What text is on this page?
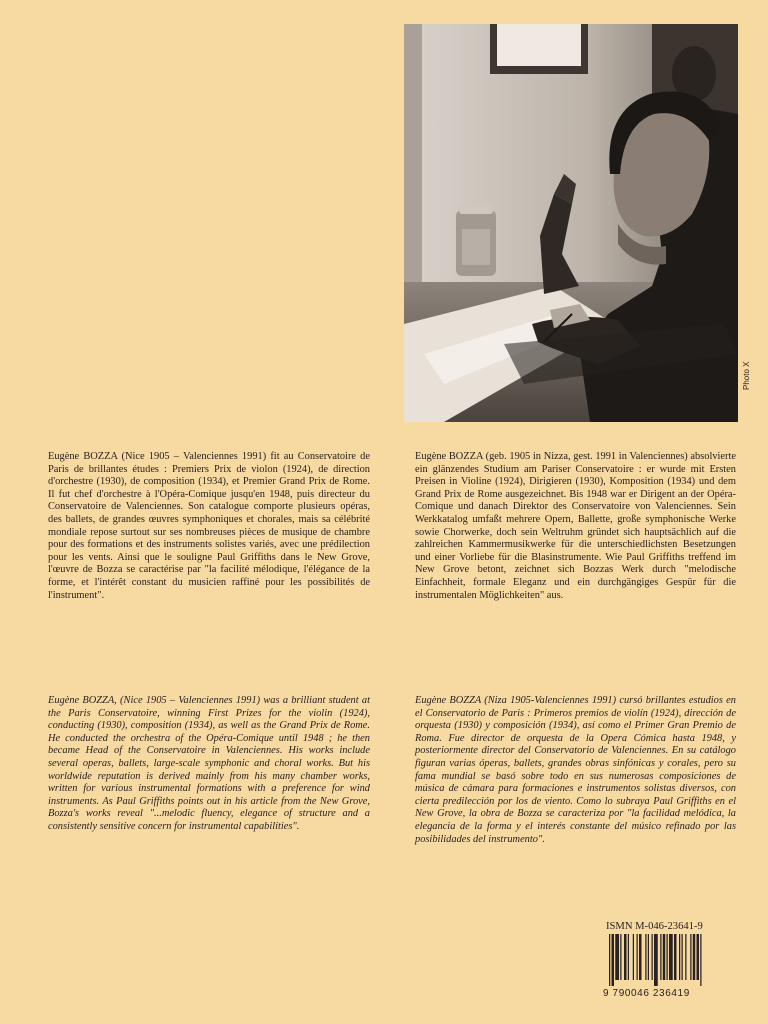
Photo X

Eugène BOZZA (Nice 1905 – Valenciennes 1991) fit au Conservatoire de Paris de brillantes études : Premiers Prix de violon (1924), de direction d'orchestre (1930), de composition (1934), et Premier Grand Prix de Rome. Il fut chef d'orchestre à l'Opéra-Comique jusqu'en 1948, puis directeur du Conservatoire de Valenciennes. Son catalogue comporte plusieurs opéras, des ballets, de grandes œuvres symphoniques et chorales, mais sa célébrité mondiale repose surtout sur ses nombreuses pièces de musique de chambre pour des formations et des instruments solistes variés, avec une prédilection pour les vents. Ainsi que le souligne Paul Griffiths dans le New Grove, l'œuvre de Bozza se caractérise par "la facilité mélodique, l'élégance de la forme, et l'intérêt constant du musicien raffiné pour les possibilités de l'instrument".

Eugène BOZZA (geb. 1905 in Nizza, gest. 1991 in Valenciennes) absolvierte ein glänzendes Studium am Pariser Conservatoire : er wurde mit Ersten Preisen in Violine (1924), Dirigieren (1930), Komposition (1934) und dem Grand Prix de Rome ausgezeichnet. Bis 1948 war er Dirigent an der Opéra-Comique und danach Direktor des Conservatoire von Valenciennes. Sein Werkkatalog umfaßt mehrere Opern, Ballette, große symphonische Werke sowie Chorwerke, doch sein Weltruhm gründet sich hauptsächlich auf die zahlreichen Kammermusikwerke für die unterschiedlichsten Besetzungen und einer Vorliebe für die Blasinstrumente. Wie Paul Griffiths treffend im New Grove betont, zeichnet sich Bozzas Werk durch "melodische Einfachheit, formale Eleganz und ein durchgängiges Gespür für die instrumentalen Möglichkeiten" aus.

Eugène BOZZA, (Nice 1905 – Valenciennes 1991) was a brilliant student at the Paris Conservatoire, winning First Prizes for the violin (1924), conducting (1930), composition (1934), as well as the Grand Prix de Rome. He conducted the orchestra of the Opéra-Comique until 1948 ; he then became Head of the Conservatoire in Valenciennes. His works include several operas, ballets, large-scale symphonic and choral works. But his worldwide reputation is derived mainly from his many chamber works, written for various instrumental formations with a preference for wind instruments. As Paul Griffiths points out in his article from the New Grove, Bozza's works reveal "...melodic fluency, elegance of structure and a consistently sensitive concern for instrumental capabilities".

Eugène BOZZA (Niza 1905-Valenciennes 1991) cursó brillantes estudios en el Conservatorio de Paris : Primeros premios de violín (1924), dirección de orquesta (1930) y composición (1934), así como el Primer Gran Premio de Roma. Fue director de orquesta de la Opera Cómica hasta 1948, y posteriormente director del Conservatorio de Valenciennes. En su catálogo figuran varias óperas, ballets, grandes obras sinfónicas y corales, pero su fama mundial se basó sobre todo en sus numerosas composiciones de música de cámara para formaciones e instrumentos solistas diversos, con cierta predilección por los de viento. Como lo subraya Paul Griffiths en el New Grove, la obra de Bozza se caracteriza por "la facilidad melódica, la elegancia de la forma y el interés constante del músico refinado por las posibilidades del instrumento".

ISMN M-046-23641-9
9 790046 236419
